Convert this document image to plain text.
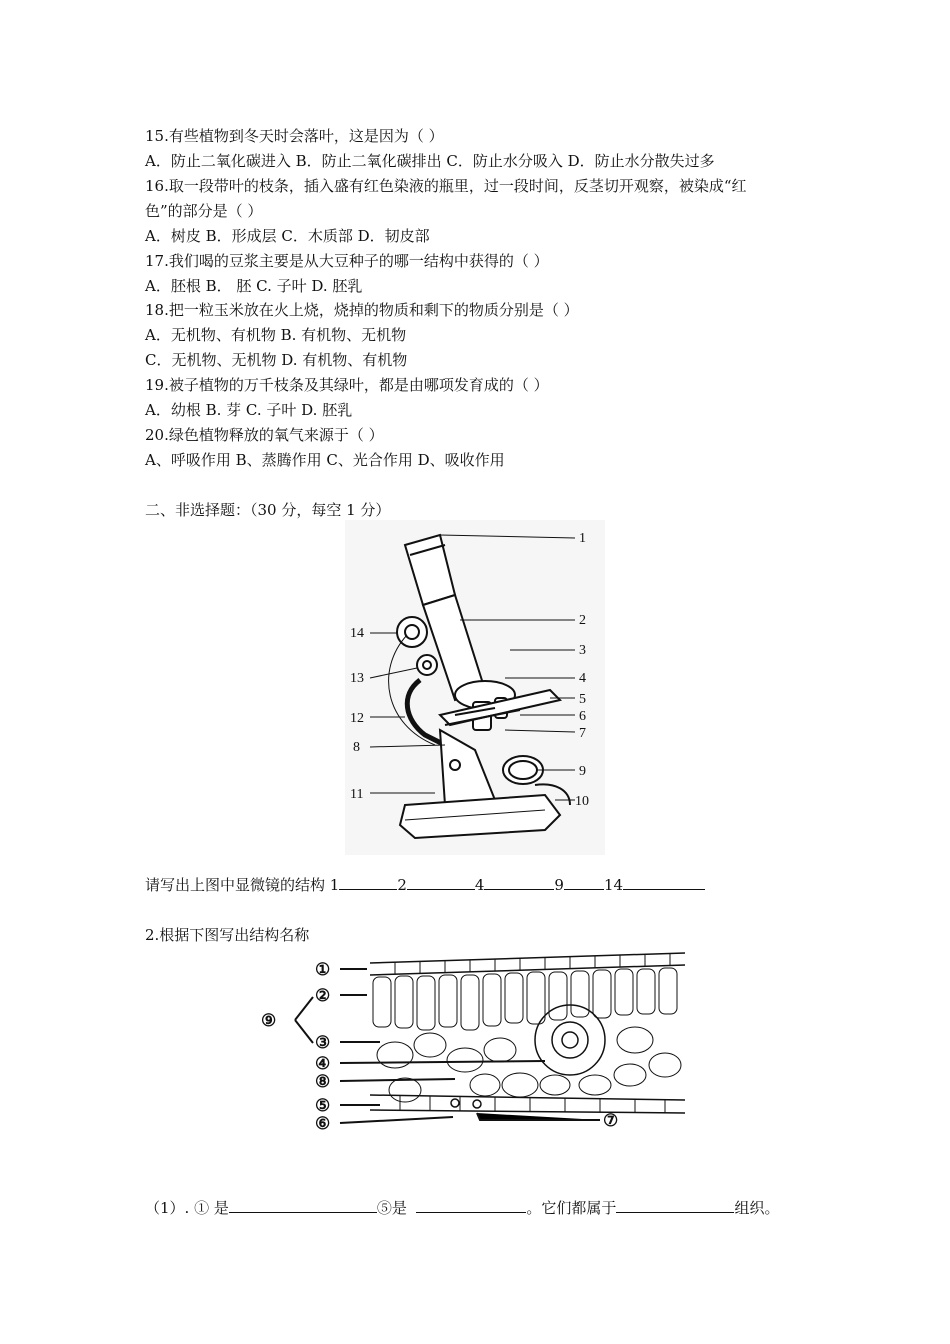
15.有些植物到冬天时会落叶，这是因为（ ）
A．防止二氧化碳进入 B．防止二氧化碳排出 C．防止水分吸入 D．防止水分散失过多
16.取一段带叶的枝条，插入盛有红色染液的瓶里，过一段时间，反茎切开观察，被染成“红
色”的部分是（ ）
A．树皮 B．形成层 C．木质部 D．韧皮部
17.我们喝的豆浆主要是从大豆种子的哪一结构中获得的（ ）
A．胚根 B． 胚 C. 子叶 D. 胚乳
18.把一粒玉米放在火上烧，烧掉的物质和剩下的物质分别是（ ）
A．无机物、有机物 B. 有机物、无机物
C．无机物、无机物 D. 有机物、有机物
19.被子植物的万千枝条及其绿叶，都是由哪项发育成的（ ）
A．幼根 B. 芽 C. 子叶 D. 胚乳
20.绿色植物释放的氧气来源于（ ）
A、呼吸作用 B、蒸腾作用 C、光合作用 D、吸收作用
二、非选择题：（30 分，每空 1 分）
1
2
3
4
5
6
7
8
9
10
11
12
13
14
请写出上图中显微镜的结构 1	2	4	9	14
2.根据下图写出结构名称
①
②
③
④
⑤
⑥	⑦
⑧
⑨
（1）. ① 是	⑤是	。它们都属于	组织。
